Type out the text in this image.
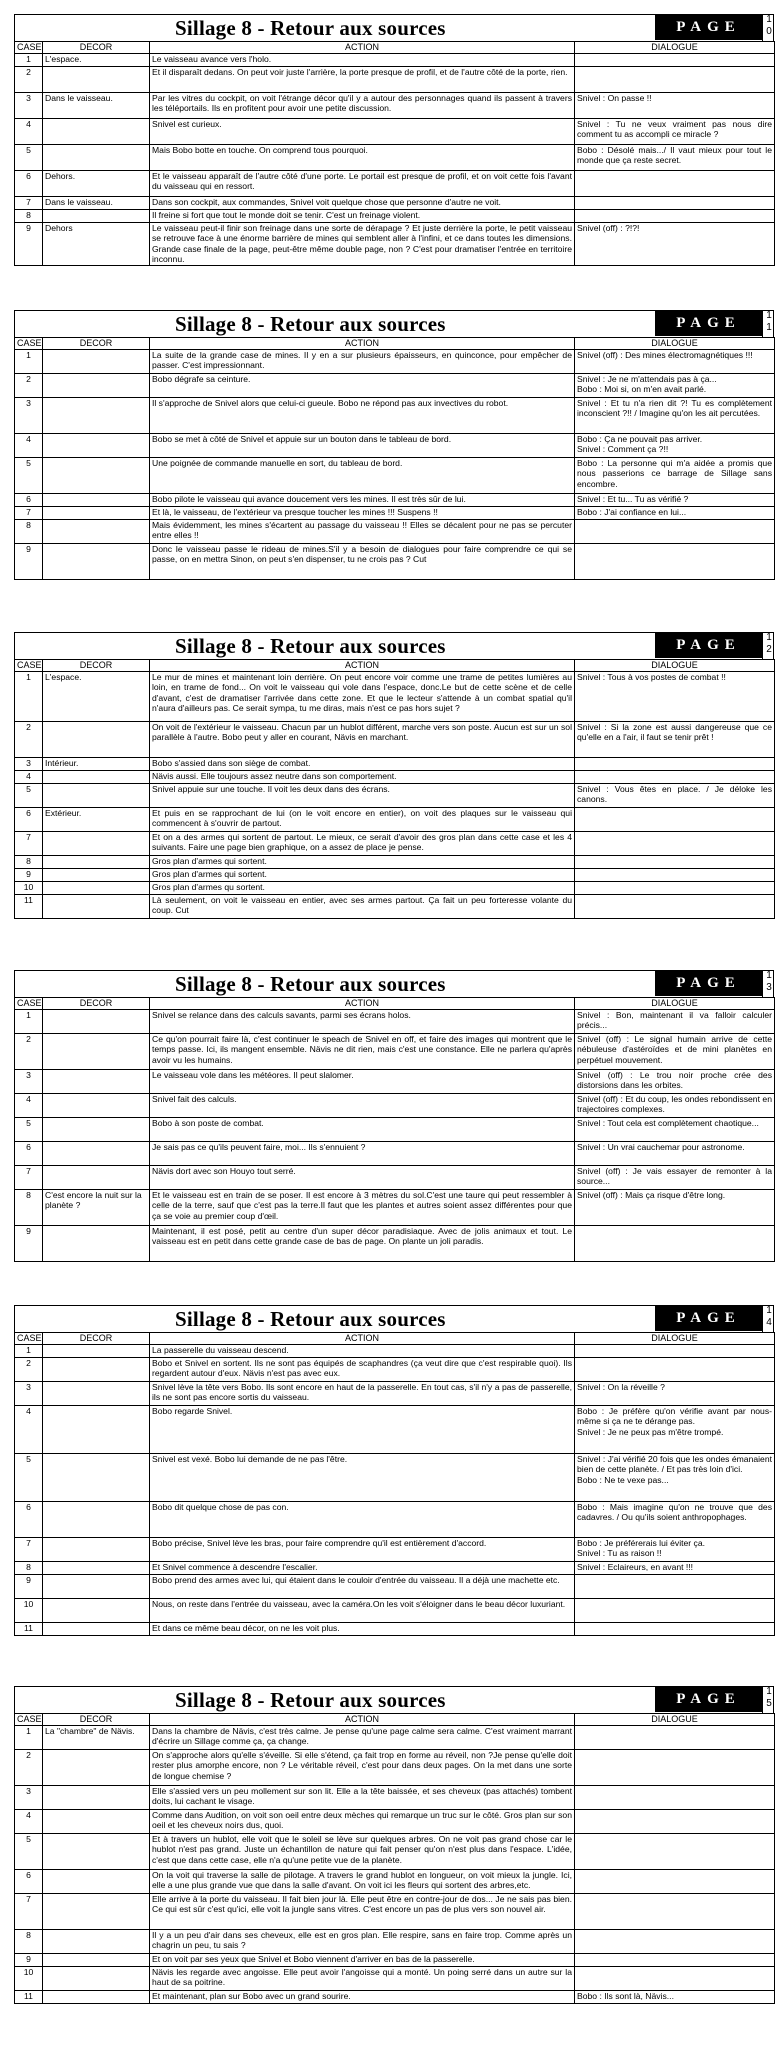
Sillage 8 - Retour aux sources	PAGE	1
0
CASE	DECOR	ACTION	DIALOGUE
1	L'espace.	Le vaisseau avance vers l'holo.	
2		Et il disparaît dedans. On peut voir juste l'arrière, la porte presque de profil, et de l'autre côté de la porte, rien.	
3	Dans le vaisseau.	Par les vitres du cockpit, on voit l'étrange décor qu'il y a autour des personnages quand ils passent à travers les téléportails. Ils en profitent pour avoir une petite discussion.	Snivel : On passe !!
4		Snivel est curieux.	Snivel : Tu ne veux vraiment pas nous dire comment tu as accompli ce miracle ?
5		Mais Bobo botte en touche. On comprend tous pourquoi.	Bobo : Désolé mais.../ Il vaut mieux pour tout le monde que ça reste secret.
6	Dehors.	Et le vaisseau apparaît de l'autre côté d'une porte. Le portail est presque de profil, et on voit cette fois l'avant du vaisseau qui en ressort.	
7	Dans le vaisseau.	Dans son cockpit, aux commandes, Snivel voit quelque chose que personne d'autre ne voit.	
8		Il freine si fort que tout le monde doit se tenir. C'est un freinage violent.	
9	Dehors	Le vaisseau peut-il finir son freinage dans une sorte de dérapage ? Et juste derrière la porte, le petit vaisseau se retrouve face à une énorme barrière de mines qui semblent aller à l'infini, et ce dans toutes les dimensions. Grande case finale de la page, peut-être même double page, non ? C'est pour dramatiser l'entrée en territoire inconnu.	Snivel (off) : ?!?!
Sillage 8 - Retour aux sources	PAGE	1
1
CASE	DECOR	ACTION	DIALOGUE
1		La suite de la grande case de mines. Il y en a sur plusieurs épaisseurs, en quinconce, pour empêcher de passer. C'est impressionnant.	Snivel (off) : Des mines électromagnétiques !!!
2		Bobo dégrafe sa ceinture.	Snivel : Je ne m'attendais pas à ça...
Bobo : Moi si, on m'en avait parlé.
3		Il s'approche de Snivel alors que celui-ci gueule. Bobo ne répond pas aux invectives du robot.	Snivel : Et tu n'a rien dit ?! Tu es complètement inconscient ?!! / Imagine qu'on les ait percutées.
4		Bobo se met à côté de Snivel et appuie sur un bouton dans le tableau de bord.	Bobo : Ça ne pouvait pas arriver.
Snivel : Comment ça ?!!
5		Une poignée de commande manuelle en sort, du tableau de bord.	Bobo : La personne qui m'a aidée a promis que nous passerions ce barrage de Sillage sans encombre.
6		Bobo pilote le vaisseau qui avance doucement vers les mines. Il est très sûr de lui.	Snivel : Et tu... Tu as vérifié ?
7		Et là, le vaisseau, de l'extérieur va presque toucher les mines !!! Suspens !!	Bobo : J'ai confiance en lui...
8		Mais évidemment, les mines s'écartent au passage du vaisseau !! Elles se décalent pour ne pas se percuter entre elles !!	
9		Donc le vaisseau passe le rideau de mines.S'il y a besoin de dialogues pour faire comprendre ce qui se passe, on en mettra Sinon, on peut s'en dispenser, tu ne crois pas ? Cut	
Sillage 8 - Retour aux sources	PAGE	1
2
CASE	DECOR	ACTION	DIALOGUE
1	L'espace.	Le mur de mines et maintenant loin derrière. On peut encore voir comme une trame de petites lumières au loin, en trame de fond... On voit le vaisseau qui vole dans l'espace, donc.Le but de cette scène et de celle d'avant, c'est de dramatiser l'arrivée dans cette zone. Et que le lecteur s'attende à un combat spatial qu'il n'aura d'ailleurs pas. Ce serait sympa, tu me diras, mais n'est ce pas hors sujet ?	Snivel : Tous à vos postes de combat !!
2		On voit de l'extérieur le vaisseau. Chacun par un hublot différent, marche vers son poste. Aucun est sur un sol parallèle à l'autre. Bobo peut y aller en courant, Nävis en marchant.	Snivel : Si la zone est aussi dangereuse que ce qu'elle en a l'air, il faut se tenir prêt !
3	Intérieur.	Bobo s'assied dans son siège de combat.	
4		Nävis aussi. Elle toujours assez neutre dans son comportement.	
5		Snivel appuie sur une touche. Il voit les deux dans des écrans.	Snivel : Vous êtes en place. / Je déloke les canons.
6	Extérieur.	Et puis en se rapprochant de lui (on le voit encore en entier), on voit des plaques sur le vaisseau qui commencent à s'ouvrir de partout.	
7		Et on a des armes qui sortent de partout. Le mieux, ce serait d'avoir des gros plan dans cette case et les 4 suivants. Faire une page bien graphique, on a assez de place je pense.	
8		Gros plan d'armes qui sortent.	
9		Gros plan d'armes qui sortent.	
10		Gros plan d'armes qu sortent.	
11		Là seulement, on voit le vaisseau en entier, avec ses armes partout. Ça fait un peu forteresse volante du coup. Cut	
Sillage 8 - Retour aux sources	PAGE	1
3
CASE	DECOR	ACTION	DIALOGUE
1		Snivel se relance dans des calculs savants, parmi ses écrans holos.	Snivel : Bon, maintenant il va falloir calculer précis...
2		Ce qu'on pourrait faire là, c'est continuer le speach de Snivel en off, et faire des images qui montrent que le temps passe. Ici, ils mangent ensemble. Nävis ne dit rien, mais c'est une constance. Elle ne parlera qu'après avoir vu les humains.	Snivel (off) : Le signal humain arrive de cette nébuleuse d'astéroïdes et de mini planètes en perpétuel mouvement.
3		Le vaisseau vole dans les météores. Il peut slalomer.	Snivel (off) : Le trou noir proche crée des distorsions dans les orbites.
4		Snivel fait des calculs.	Snivel (off) : Et du coup, les ondes rebondissent en trajectoires complexes.
5		Bobo à son poste de combat.	Snivel : Tout cela est complètement chaotique...
6		Je sais pas ce qu'ils peuvent faire, moi... Ils s'ennuient ?	Snivel : Un vrai cauchemar pour astronome.
7		Nävis dort avec son Houyo tout serré.	Snivel (off) : Je vais essayer de remonter à la source...
8	C'est encore la nuit sur la planète ?	Et le vaisseau est en train de se poser. Il est encore à 3 mètres du sol.C'est une taure qui peut ressembler à celle de la terre, sauf que c'est pas la terre.Il faut que les plantes et autres soient assez différentes pour que ça se voie au premier coup d'œil.	Snivel (off) : Mais ça risque d'être long.
9		Maintenant, il est posé, petit au centre d'un super décor paradisiaque. Avec de jolis animaux et tout. Le vaisseau est en petit dans cette grande case de bas de page. On plante un joli paradis.	
Sillage 8 - Retour aux sources	PAGE	1
4
CASE	DECOR	ACTION	DIALOGUE
1		La passerelle du vaisseau descend.	
2		Bobo et Snivel en sortent. Ils ne sont pas équipés de scaphandres (ça veut dire que c'est respirable quoi). Ils regardent autour d'eux. Nävis n'est pas avec eux.	
3		Snivel lève la tête vers Bobo. Ils sont encore en haut de la passerelle. En tout cas, s'il n'y a pas de passerelle, ils ne sont pas encore sortis du vaisseau.	Snivel : On la réveille ?
4		Bobo regarde Snivel.	Bobo : Je préfère qu'on vérifie avant par nous-même si ça ne te dérange pas.
Snivel : Je ne peux pas m'être trompé.
5		Snivel est vexé. Bobo lui demande de ne pas l'être.	Snivel : J'ai vérifié 20 fois que les ondes émanaient bien de cette planète. / Et pas très loin d'ici.
Bobo : Ne te vexe pas...
6		Bobo dit quelque chose de pas con.	Bobo : Mais imagine qu'on ne trouve que des cadavres. / Ou qu'ils soient anthropophages.
7		Bobo précise, Snivel lève les bras, pour faire comprendre qu'il est entièrement d'accord.	Bobo : Je préférerais lui éviter ça.
Snivel : Tu as raison !!
8		Et Snivel commence à descendre l'escalier.	Snivel : Eclaireurs, en avant !!!
9		Bobo prend des armes avec lui, qui étaient dans le couloir d'entrée du vaisseau. Il a déjà une machette etc.	
10		Nous, on reste dans l'entrée du vaisseau, avec la caméra.On les voit s'éloigner dans le beau décor luxuriant.	
11		Et dans ce même beau décor, on ne les voit plus.	
Sillage 8 - Retour aux sources	PAGE	1
5
CASE	DECOR	ACTION	DIALOGUE
1	La "chambre" de Nävis.	Dans la chambre de Nävis, c'est très calme. Je pense qu'une page calme sera calme. C'est vraiment marrant d'écrire un Sillage comme ça, ça change.	
2		On s'approche alors qu'elle s'éveille. Si elle s'étend, ça fait trop en forme au réveil, non ?Je pense qu'elle doit rester plus amorphe encore, non ? Le véritable réveil, c'est pour dans deux pages. On la met dans une sorte de longue chemise ?	
3		Elle s'assied vers un peu mollement sur son lit. Elle a la tête baissée, et ses cheveux (pas attachés) tombent doits, lui cachant le visage.	
4		Comme dans Audition, on voit son oeil entre deux mèches qui remarque un truc sur le côté. Gros plan sur son oeil et les cheveux noirs dus, quoi.	
5		Et à travers un hublot, elle voit que le soleil se lève sur quelques arbres. On ne voit pas grand chose car le hublot n'est pas grand. Juste un échantillon de nature qui fait penser qu'on n'est plus dans l'espace. L'idée, c'est que dans cette case, elle n'a qu'une petite vue de la planète.	
6		On la voit qui traverse la salle de pilotage. A travers le grand hublot en longueur, on voit mieux la jungle. Ici, elle a une plus grande vue que dans la salle d'avant. On voit ici les fleurs qui sortent des arbres,etc.	
7		Elle arrive à la porte du vaisseau. Il fait bien jour là. Elle peut être en contre-jour de dos... Je ne sais pas bien. Ce qui est sûr c'est qu'ici, elle voit la jungle sans vitres. C'est encore un pas de plus vers son nouvel air.	
8		Il y a un peu d'air dans ses cheveux, elle est en gros plan. Elle respire, sans en faire trop. Comme après un chagrin un peu, tu sais ?	
9		Et on voit par ses yeux que Snivel et Bobo viennent d'arriver en bas de la passerelle.	
10		Nävis les regarde avec angoisse. Elle peut avoir l'angoisse qui a monté. Un poing serré dans un autre sur la haut de sa poitrine.	
11		Et maintenant, plan sur Bobo avec un grand sourire.	Bobo : Ils sont là, Nävis...
